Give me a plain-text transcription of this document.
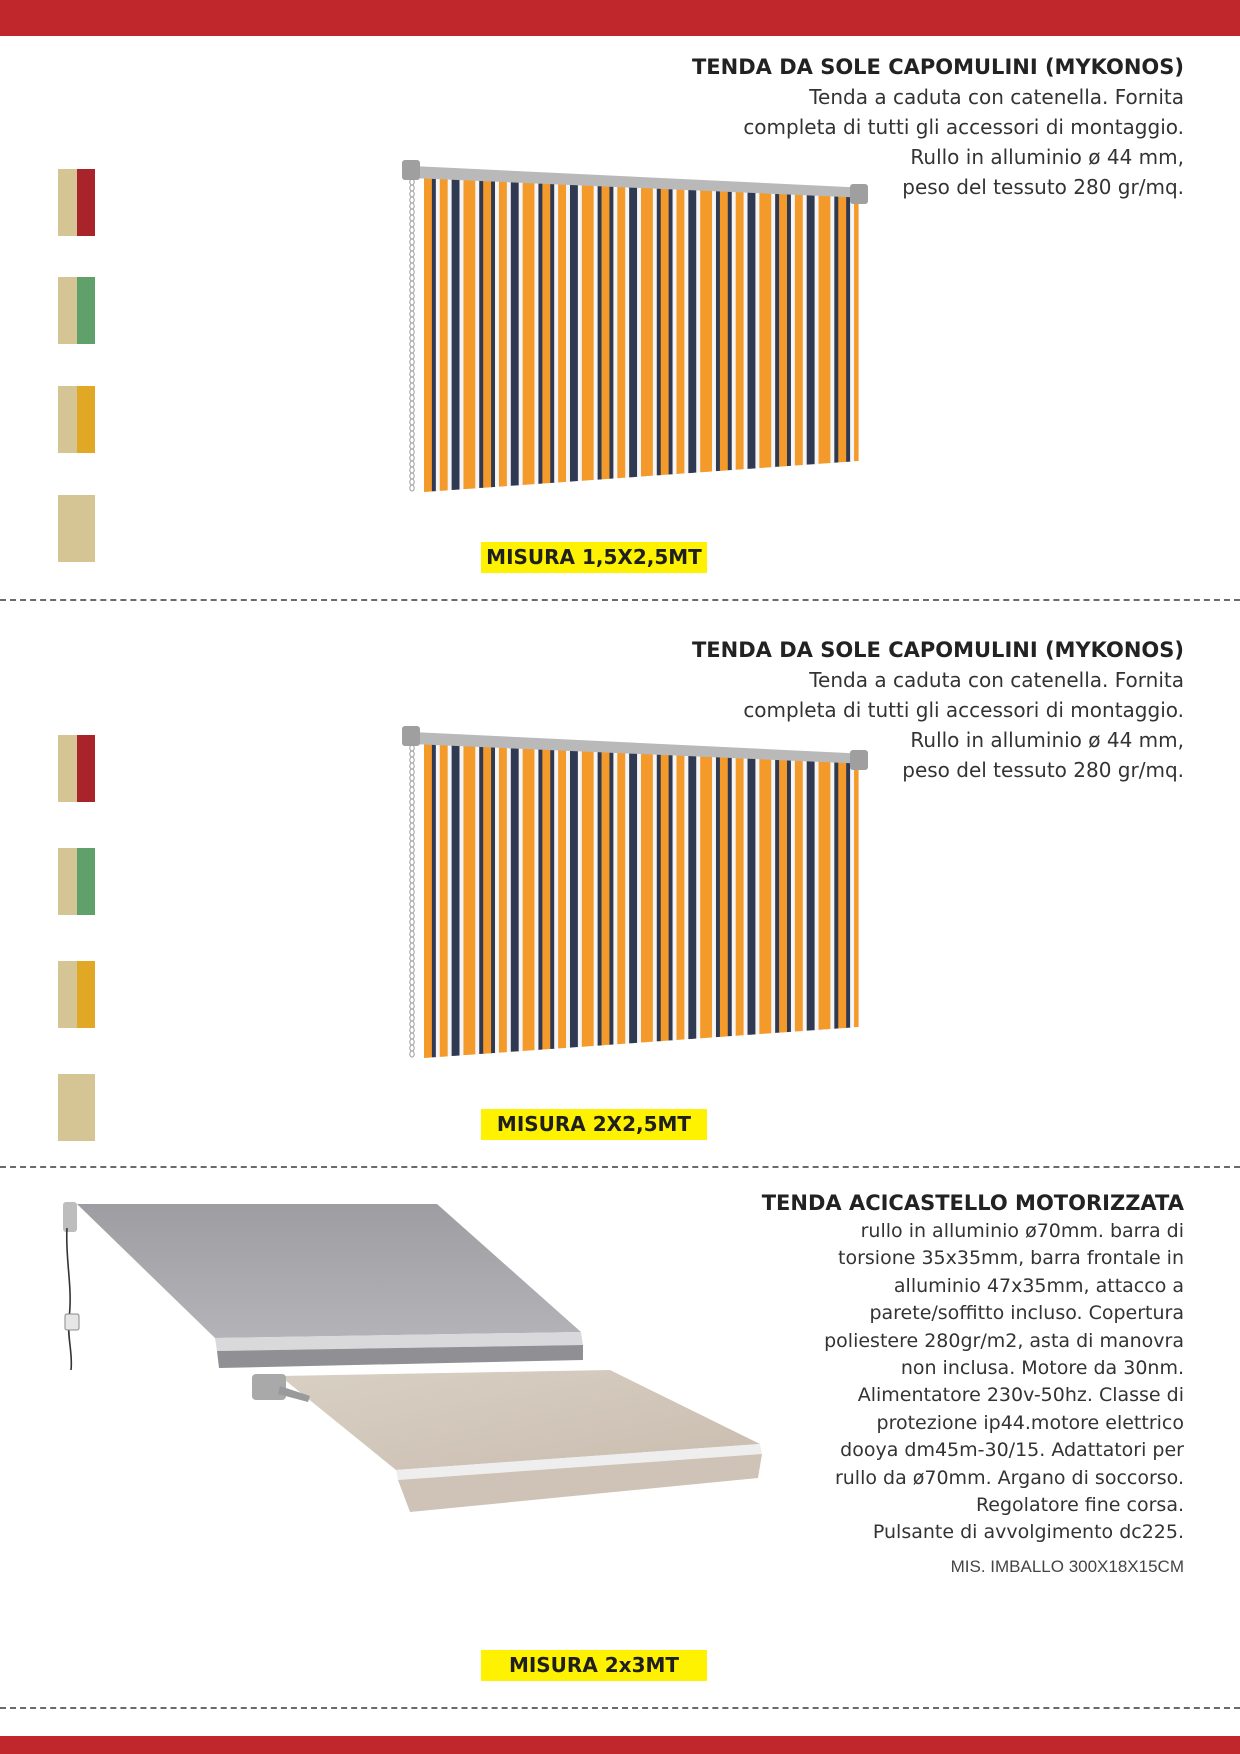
TENDA DA SOLE CAPOMULINI (MYKONOS)
Tenda a caduta con catenella. Fornita
completa di tutti gli accessori di montaggio.
Rullo in alluminio ø 44 mm,
peso del tessuto 280 gr/mq.
MISURA 1,5X2,5MT
TENDA DA SOLE CAPOMULINI (MYKONOS)
Tenda a caduta con catenella. Fornita
completa di tutti gli accessori di montaggio.
Rullo in alluminio ø 44 mm,
peso del tessuto 280 gr/mq.
MISURA 2X2,5MT
TENDA ACICASTELLO MOTORIZZATA
rullo in alluminio ø70mm. barra di
torsione 35x35mm, barra frontale in
alluminio 47x35mm, attacco a
parete/soffitto incluso. Copertura
poliestere 280gr/m2, asta di manovra
non inclusa. Motore da 30nm.
Alimentatore 230v-50hz. Classe di
protezione ip44.motore elettrico
dooya dm45m-30/15. Adattatori per
rullo da ø70mm. Argano di soccorso.
Regolatore fine corsa.
Pulsante di avvolgimento dc225.
MIS. IMBALLO 300X18X15CM
MISURA 2x3MT
